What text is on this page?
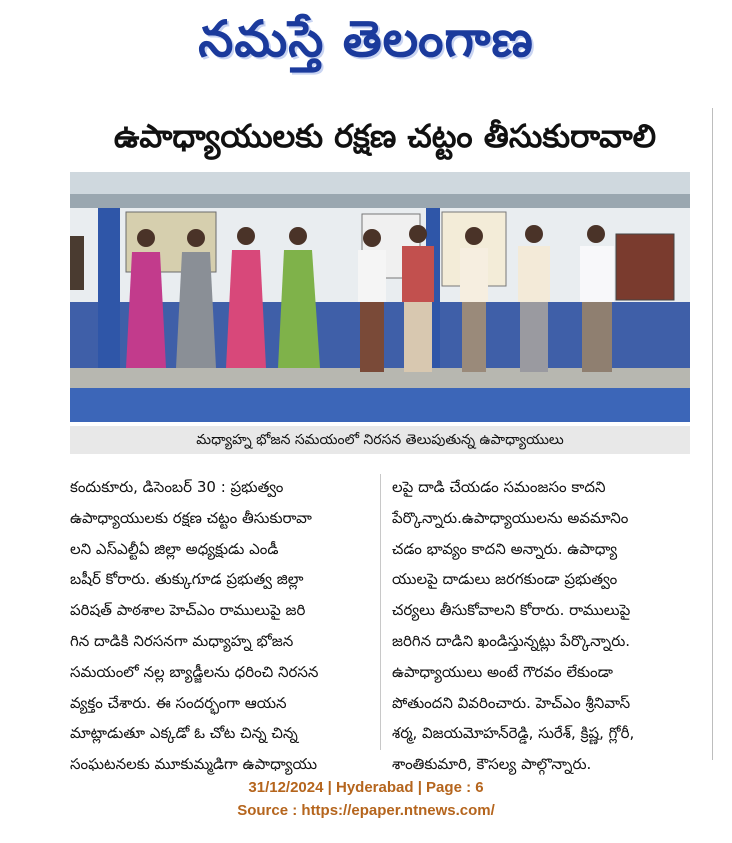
నమస్తే తెలంగాణ
ఉపాధ్యాయులకు రక్షణ చట్టం తీసుకురావాలి
మధ్యాహ్న భోజన సమయంలో నిరసన తెలుపుతున్న ఉపాధ్యాయులు

కందుకూరు, డిసెంబర్ 30 : ప్రభుత్వం

ఉపాధ్యాయులకు రక్షణ చట్టం తీసుకురావా

లని ఎస్ఎల్టీఏ జిల్లా అధ్యక్షుడు ఎండీ

బషీర్ కోరారు. తుక్కుగూడ ప్రభుత్వ జిల్లా

పరిషత్ పాఠశాల హెచ్ఎం రాములుపై జరి

గిన దాడికి నిరసనగా మధ్యాహ్న భోజన

సమయంలో నల్ల బ్యాడ్జీలను ధరించి నిరసన

వ్యక్తం చేశారు. ఈ సందర్భంగా ఆయన

మాట్లాడుతూ ఎక్కడో ఓ చోట చిన్న చిన్న

సంఘటనలకు మూకుమ్మడిగా ఉపాధ్యాయు

లపై దాడి చేయడం సమంజసం కాదని

పేర్కొన్నారు.ఉపాధ్యాయులను అవమానిం

చడం భావ్యం కాదని అన్నారు. ఉపాధ్యా

యులపై దాడులు జరగకుండా ప్రభుత్వం

చర్యలు తీసుకోవాలని కోరారు. రాములుపై

జరిగిన దాడిని ఖండిస్తున్నట్లు పేర్కొన్నారు.

ఉపాధ్యాయులు అంటే గౌరవం లేకుండా

పోతుందని వివరించారు. హెచ్ఎం శ్రీనివాస్

శర్మ, విజయమోహన్‌రెడ్డి, సురేశ్, క్రిష్ణ, గ్లోరీ,

శాంతికుమారి, కౌసల్య పాల్గొన్నారు.

31/12/2024 | Hyderabad | Page : 6
Source : https://epaper.ntnews.com/
